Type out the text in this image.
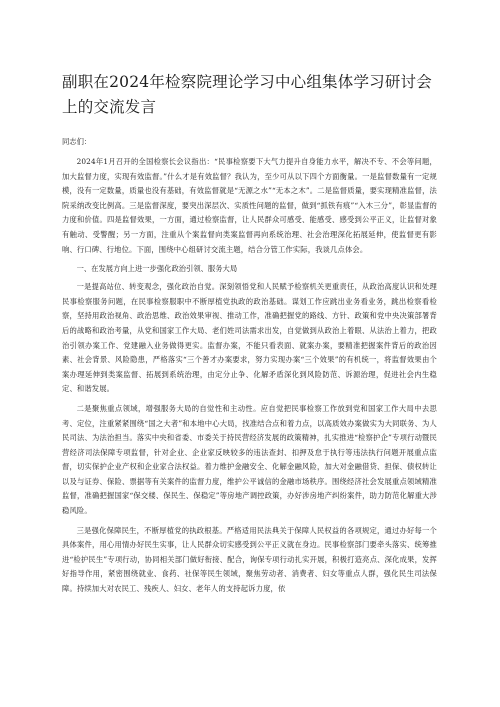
副职在2024年检察院理论学习中心组集体学习研讨会上的交流发言

同志们：

2024年1月召开的全国检察长会议指出：“民事检察要下大气力提升自身能力水平，解决不专、不会等问题，加大监督力度，实现有效监督。”什么才是有效监督？我认为，至少可从以下四个方面衡量。一是监督数量有一定规模，没有一定数量，质量也没有基础，有效监督就是“无源之水”“无本之木”。二是监督质量，要实现精准监督，法院采纳改变比例高。三是监督深度，要突出深层次、实质性问题的监督，做到“抓铁有痕”“入木三分”，彰显监督的力度和价值。四是监督效果，一方面，通过检察监督，让人民群众可感受、能感受、感受到公平正义，让监督对象有触动、受警醒；另一方面，注重从个案监督向类案监督再向系统治理、社会治理深化拓展延伸，使监督更有影响、行口碑、行地位。下面，围绕中心组研讨交流主题，结合分管工作实际，我谈几点体会。

一、在发展方向上进一步强化政治引领、服务大局

一是提高站位、转变观念，强化政治自觉。深刻领悟党和人民赋予检察机关更重责任，从政治高度认识和处理民事检察服务问题，在民事检察服职中不断厚植党执政的政治基础。谋划工作应跳出业务看业务，跳出检察看检察，坚持用政治视角、政治思维、政治效果审视、推动工作，准确把握党的路线、方针、政策和党中央决策部署背后的战略和政治考量，从党和国家工作大局、老们姓司法需求出发，自觉做到从政治上着眼、从法治上着力，把政治引领办案工作、党建融入业务做得更实。监督办案，不能只看表面、就案办案，要精准把握案件背后的政治因素、社会背景、风险隐患，严格落实“三个善才办案要求，努力实现办案“三个效果”的有机统一，将监督效果由个案办理延伸到类案监督、拓展到系统治理，由定分止争、化解矛盾深化到风险防范、诉源治理，促进社会内生稳定、和谐发展。

二是聚焦重点领域，增强服务大局的自觉性和主动性。应自觉把民事检察工作放到党和国家工作大局中去思考、定位，注重紧紧围绕“国之大者”和本地中心大局，找准结合点和着力点，以高质效办案做实为大同联务、为人民司法、为法治担当。落实中央和省委、市委关于持民营经济发展的政策精神，扎实推进“检察护企”专项行动暨民营经济司法保障专项监督，针对企业、企业家反映较多的违法查封、扣押及怠于执行等违法执行问题开展重点监督，切实保护企业产权和企业家合法权益。着力维护金融安全、化解金融风险，加大对金融借贷、担保、债权转让以及与证券、保险、票据等有关案件的监督力度，维护公平诚信的金融市场秩序。围绕经济社会发展重点领域精准监督，准确把握国家“保交楼、保民生、保稳定”等房地产调控政策，办好涉房地产纠纷案件，助力防范化解重大涉稳风险。

三是强化保障民生，不断厚植党的执政根基。严格适用民法典关于保障人民权益的各项规定，通过办好每一个具体案件，用心用情办好民生实事，让人民群众切实感受到公平正义就在身边。民事检察部门要牵头落实、统筹推进“检护民生”专项行动，协同相关部门做好衔接、配合，询保专项行动扎实开展，积极打造亮点、深化成果，发挥好指导作用，紧密围绕就业、食药、社保等民生领域，聚焦劳动者、消费者、妇女等重点人群，强化民生司法保障。持续加大对农民工、残疾人、妇女、老年人的支持起诉力度，依
